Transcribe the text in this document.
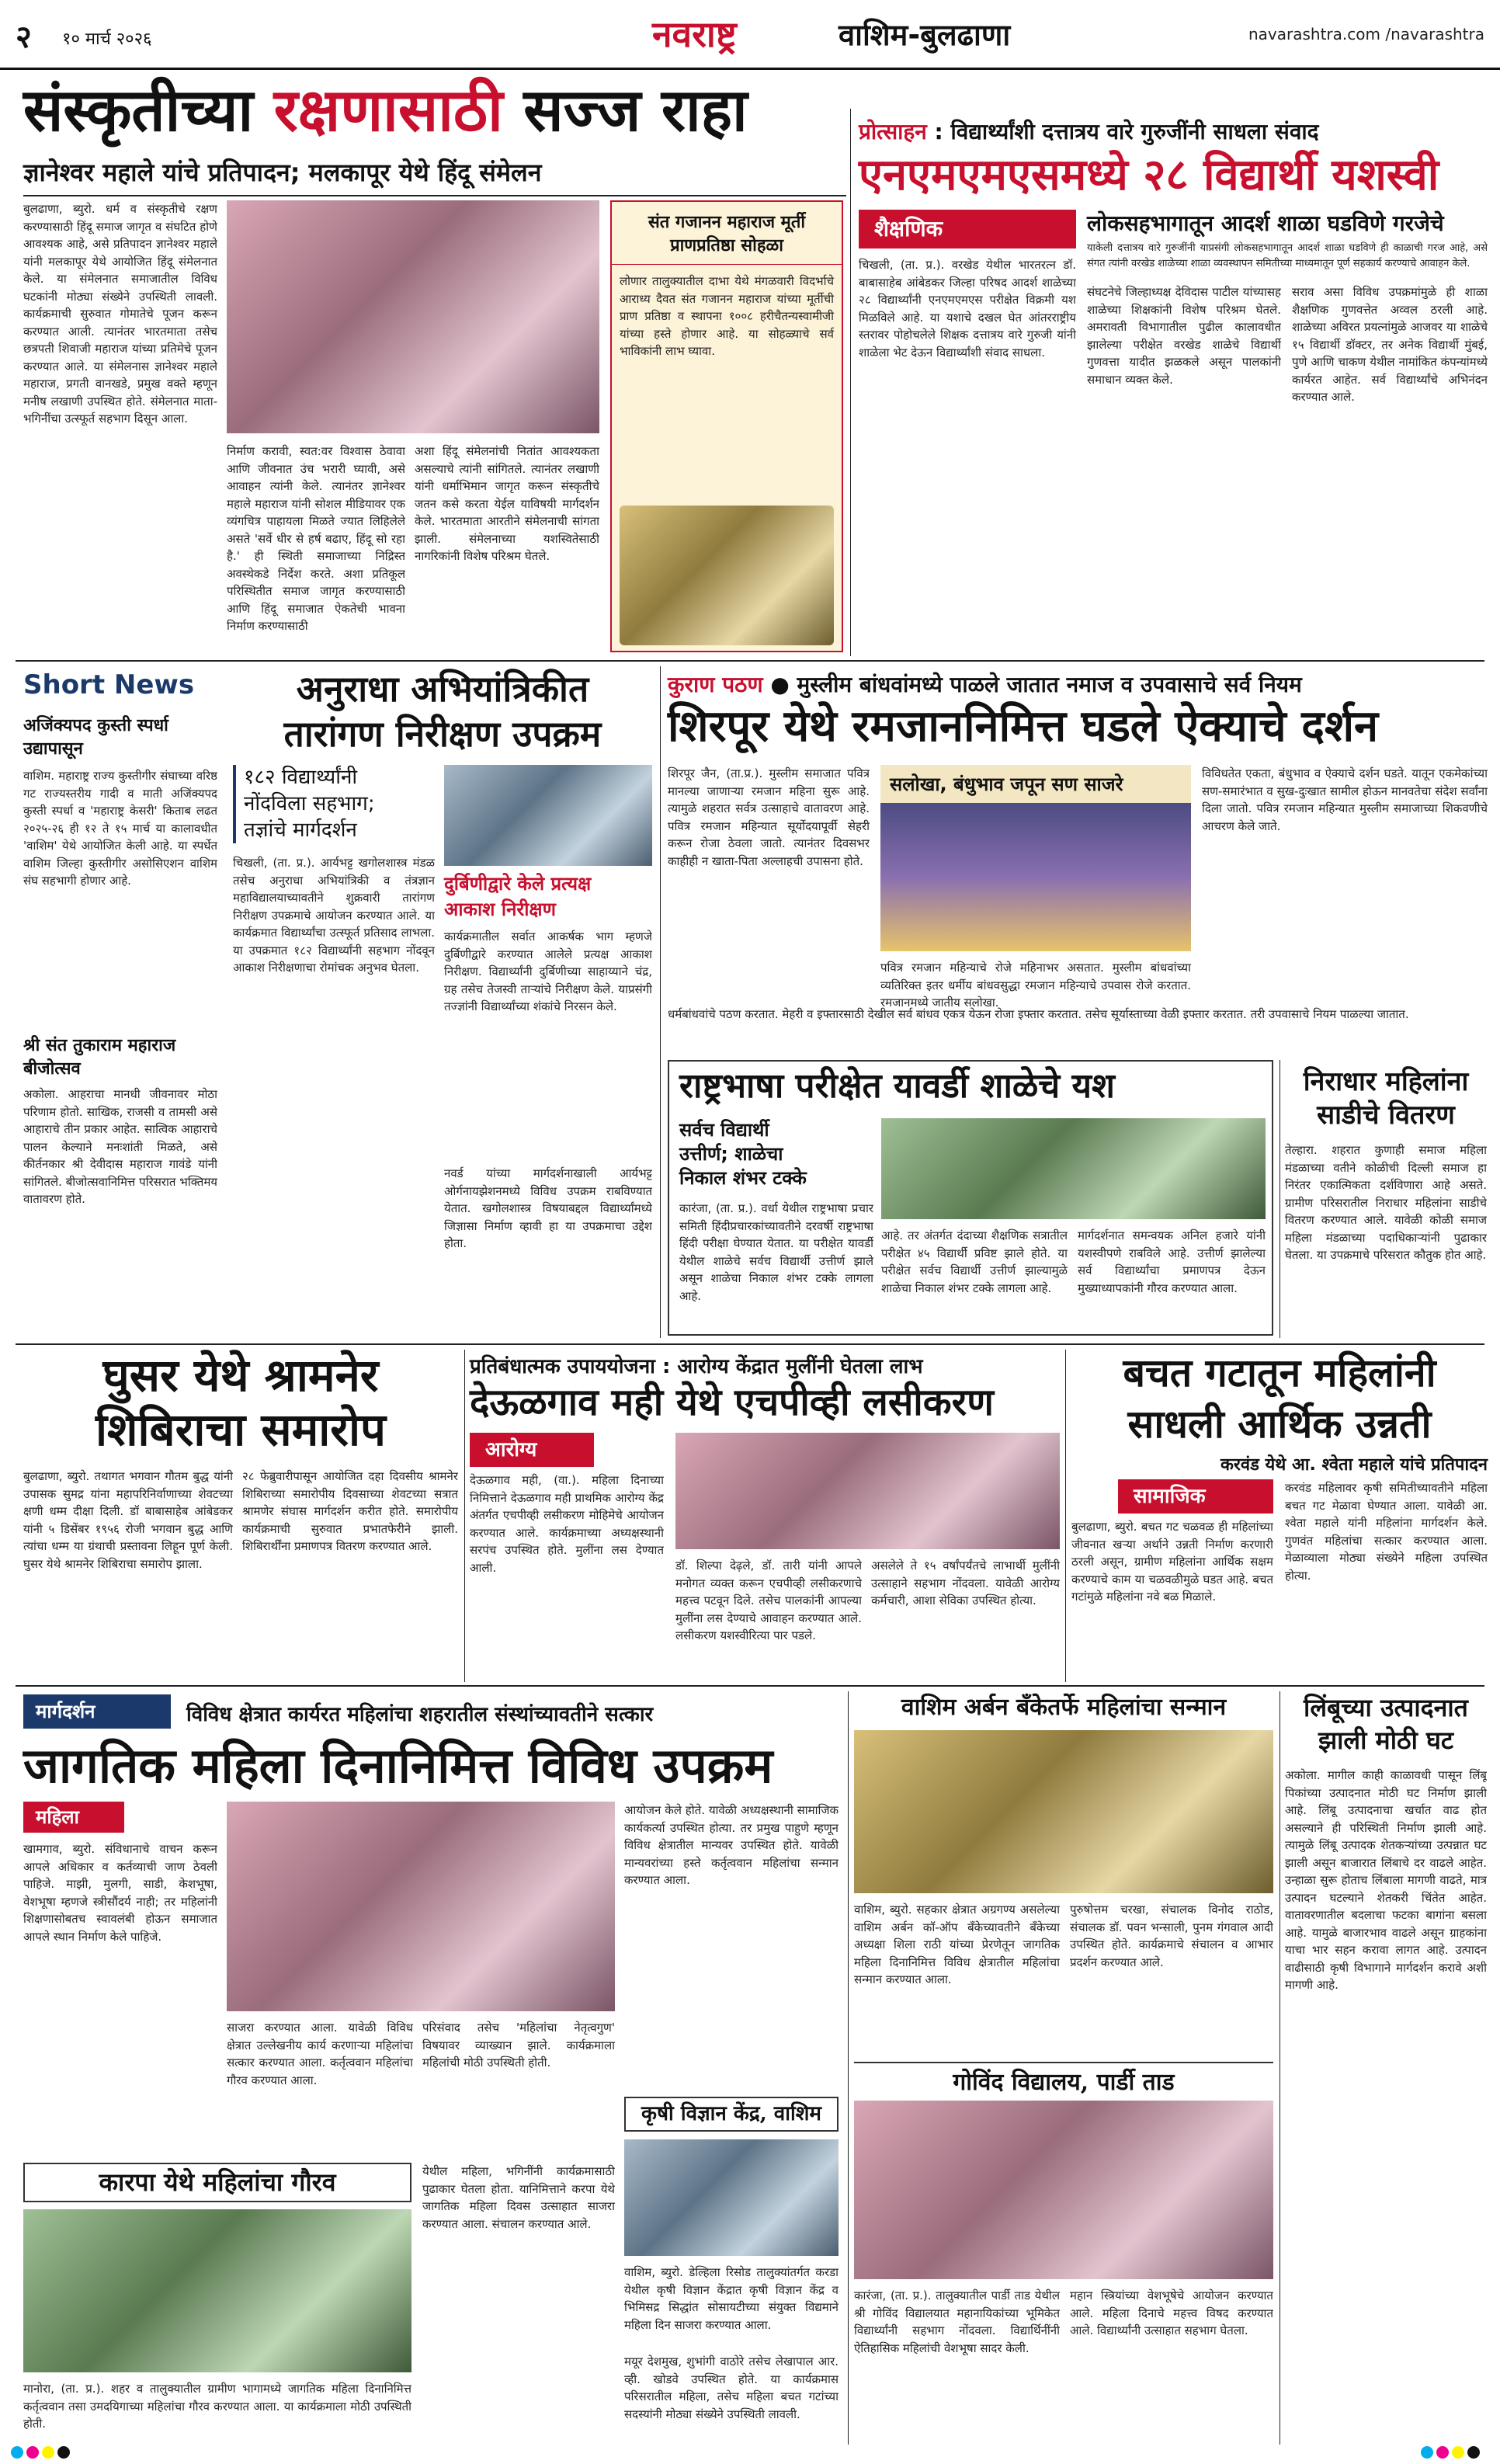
२ १० मार्च २०२६	नवराष्ट्र	वाशिम-बुलढाणा	navarashtra.com /navarashtra
संस्कृतीच्या रक्षणासाठी सज्ज राहा
ज्ञानेश्वर महाले यांचे प्रतिपादन; मलकापूर येथे हिंदू संमेलन
बुलढाणा, ब्युरो. धर्म व संस्कृतीचे रक्षण करण्यासाठी हिंदू समाज जागृत व संघटित होणे आवश्यक आहे, असे प्रतिपादन ज्ञानेश्वर महाले यांनी मलकापूर येथे आयोजित हिंदू संमेलनात केले. या संमेलनात समाजातील विविध घटकांनी मोठ्या संख्येने उपस्थिती लावली. कार्यक्रमाची सुरुवात गोमातेचे पूजन करून करण्यात आली. त्यानंतर भारतमाता तसेच छत्रपती शिवाजी महाराज यांच्या प्रतिमेचे पूजन करण्यात आले. या संमेलनास ज्ञानेश्वर महाले महाराज, प्रगती वानखडे, प्रमुख वक्ते म्हणून मनीष लखाणी उपस्थित होते. संमेलनात माता-भगिनींचा उत्स्फूर्त सहभाग दिसून आला.
निर्माण करावी, स्वत:वर विश्वास ठेवावा आणि जीवनात उंच भरारी घ्यावी, असे आवाहन त्यांनी केले. त्यानंतर ज्ञानेश्वर महाले महाराज यांनी सोशल मीडियावर एक व्यंगचित्र पाहायला मिळते ज्यात लिहिलेले असते 'सर्वे धीर से हर्ष बढाए, हिंदू सो रहा है.' ही स्थिती समाजाच्या निद्रिस्त अवस्थेकडे निर्देश करते. अशा प्रतिकूल परिस्थितीत समाज जागृत करण्यासाठी आणि हिंदू समाजात ऐकतेची भावना निर्माण करण्यासाठी
अशा हिंदू संमेलनांची नितांत आवश्यकता असल्याचे त्यांनी सांगितले. त्यानंतर लखाणी यांनी धर्माभिमान जागृत करून संस्कृतीचे जतन कसे करता येईल याविषयी मार्गदर्शन केले. भारतमाता आरतीने संमेलनाची सांगता झाली. संमेलनाच्या यशस्वितेसाठी नागरिकांनी विशेष परिश्रम घेतले.
संत गजानन महाराज मूर्ती प्राणप्रतिष्ठा सोहळा
लोणार तालुक्यातील दाभा येथे मंगळवारी विदर्भाचे आराध्य दैवत संत गजानन महाराज यांच्या मूर्तीची प्राण प्रतिष्ठा व स्थापना १००८ हरीचैतन्यस्वामीजी यांच्या हस्ते होणार आहे. या सोहळ्याचे सर्व भाविकांनी लाभ घ्यावा.
प्रोत्साहन : विद्यार्थ्यांशी दत्तात्रय वारे गुरुजींनी साधला संवाद
एनएमएमएसमध्ये २८ विद्यार्थी यशस्वी
शैक्षणिक	लोकसहभागातून आदर्श शाळा घडविणे गरजेचे
याकेली दत्तात्रय वारे गुरुजींनी याप्रसंगी लोकसहभागातून आदर्श शाळा घडविणे ही काळाची गरज आहे, असे संगत त्यांनी वरखेड शाळेच्या शाळा व्यवस्थापन समितीच्या माध्यमातून पूर्ण सहकार्य करण्याचे आवाहन केले.
चिखली, (ता. प्र.). वरखेड येथील भारतरत्न डॉ. बाबासाहेब आंबेडकर जिल्हा परिषद आदर्श शाळेच्या २८ विद्यार्थ्यांनी एनएमएमएस परीक्षेत विक्रमी यश मिळविले आहे. या यशाचे दखल घेत आंतरराष्ट्रीय स्तरावर पोहोचलेले शिक्षक दत्तात्रय वारे गुरुजी यांनी शाळेला भेट देऊन विद्यार्थ्यांशी संवाद साधला.
संघटनेचे जिल्हाध्यक्ष देविदास पाटील यांच्यासह शाळेच्या शिक्षकांनी विशेष परिश्रम घेतले. अमरावती विभागातील पुढील कालावधीत झालेल्या परीक्षेत वरखेड शाळेचे विद्यार्थी गुणवत्ता यादीत झळकले असून पालकांनी समाधान व्यक्त केले.
सराव असा विविध उपक्रमांमुळे ही शाळा शैक्षणिक गुणवत्तेत अव्वल ठरली आहे. शाळेच्या अविरत प्रयत्नांमुळे आजवर या शाळेचे १५ विद्यार्थी डॉक्टर, तर अनेक विद्यार्थी मुंबई, पुणे आणि चाकण येथील नामांकित कंपन्यांमध्ये कार्यरत आहेत. सर्व विद्यार्थ्यांचे अभिनंदन करण्यात आले.
Short News
अजिंक्यपद कुस्ती स्पर्धा उद्यापासून
वाशिम. महाराष्ट्र राज्य कुस्तीगीर संघाच्या वरिष्ठ गट राज्यस्तरीय गादी व माती अजिंक्यपद कुस्ती स्पर्धा व 'महाराष्ट्र केसरी' किताब लढत २०२५-२६ ही १२ ते १५ मार्च या कालावधीत 'वाशिम' येथे आयोजित केली आहे. या स्पर्धेत वाशिम जिल्हा कुस्तीगीर असोसिएशन वाशिम संघ सहभागी होणार आहे.
श्री संत तुकाराम महाराज बीजोत्सव
अकोला. आहराचा मानधी जीवनावर मोठा परिणाम होतो. साखिक, राजसी व तामसी असे आहाराचे तीन प्रकार आहेत. सात्विक आहाराचे पालन केल्याने मनःशांती मिळते, असे कीर्तनकार श्री देवीदास महाराज गावंडे यांनी सांगितले. बीजोत्सवानिमित्त परिसरात भक्तिमय वातावरण होते.
अनुराधा अभियांत्रिकीत
तारांगण निरीक्षण उपक्रम
१८२ विद्यार्थ्यांनी
नोंदविला सहभाग;
तज्ञांचे मार्गदर्शन
चिखली, (ता. प्र.). आर्यभट्ट खगोलशास्त्र मंडळ तसेच अनुराधा अभियांत्रिकी व तंत्रज्ञान महाविद्यालयाच्यावतीने शुक्रवारी तारांगण निरीक्षण उपक्रमाचे आयोजन करण्यात आले. या कार्यक्रमात विद्यार्थ्यांचा उत्स्फूर्त प्रतिसाद लाभला. या उपक्रमात १८२ विद्यार्थ्यांनी सहभाग नोंदवून आकाश निरीक्षणाचा रोमांचक अनुभव घेतला.
दुर्बिणीद्वारे केले प्रत्यक्ष
आकाश निरीक्षण
कार्यक्रमातील सर्वात आकर्षक भाग म्हणजे दुर्बिणीद्वारे करण्यात आलेले प्रत्यक्ष आकाश निरीक्षण. विद्यार्थ्यांनी दुर्बिणीच्या साहाय्याने चंद्र, ग्रह तसेच तेजस्वी ताऱ्यांचे निरीक्षण केले. याप्रसंगी तज्ज्ञांनी विद्यार्थ्यांच्या शंकांचे निरसन केले.
नवर्ड यांच्या मार्गदर्शनाखाली आर्यभट्ट ओर्गनायझेशनमध्ये विविध उपक्रम राबविण्यात येतात. खगोलशास्त्र विषयाबद्दल विद्यार्थ्यांमध्ये जिज्ञासा निर्माण व्हावी हा या उपक्रमाचा उद्देश होता.
कुराण पठण ● मुस्लीम बांधवांमध्ये पाळले जातात नमाज व उपवासाचे सर्व नियम
शिरपूर येथे रमजाननिमित्त घडले ऐक्याचे दर्शन
शिरपूर जैन, (ता.प्र.). मुस्लीम समाजात पवित्र मानल्या जाणाऱ्या रमजान महिना सुरू आहे. त्यामुळे शहरात सर्वत्र उत्साहाचे वातावरण आहे. पवित्र रमजान महिन्यात सूर्योदयापूर्वी सेहरी करून रोजा ठेवला जातो. त्यानंतर दिवसभर काहीही न खाता-पिता अल्लाहची उपासना होते.
सलोखा, बंधुभाव जपून सण साजरे	विविधतेत एकता, बंधुभाव व ऐक्याचे दर्शन घडते. यातून एकमेकांच्या सण-समारंभात व सुख-दुःखात सामील होऊन मानवतेचा संदेश सर्वांना दिला जातो. पवित्र रमजान महिन्यात मुस्लीम समाजाच्या शिकवणीचे आचरण केले जाते.
पवित्र रमजान महिन्याचे रोजे महिनाभर असतात. मुस्लीम बांधवांच्या व्यतिरिक्त इतर धर्मीय बांधवसुद्धा रमजान महिन्याचे उपवास रोजे करतात. रमजानमध्ये जातीय सलोखा.
धर्मबांधवांचे पठण करतात. मेहरी व इफ्तारसाठी देखील सर्व बांधव एकत्र येऊन रोजा इफ्तार करतात. तसेच सूर्यास्ताच्या वेळी इफ्तार करतात. तरी उपवासाचे नियम पाळल्या जातात.
राष्ट्रभाषा परीक्षेत यावर्डी शाळेचे यश
सर्वच विद्यार्थी
उत्तीर्ण; शाळेचा
निकाल शंभर टक्के
कारंजा, (ता. प्र.). वर्धा येथील राष्ट्रभाषा प्रचार समिती हिंदीप्रचारकांच्यावतीने दरवर्षी राष्ट्रभाषा हिंदी परीक्षा घेण्यात येतात. या परीक्षेत यावर्डी येथील शाळेचे सर्वच विद्यार्थी उत्तीर्ण झाले असून शाळेचा निकाल शंभर टक्के लागला आहे.
आहे. तर अंतर्गत दंदाच्या शैक्षणिक सत्रातील परीक्षेत ४५ विद्यार्थी प्रविष्ट झाले होते. या परीक्षेत सर्वच विद्यार्थी उत्तीर्ण झाल्यामुळे शाळेचा निकाल शंभर टक्के लागला आहे.
मार्गदर्शनात समन्वयक अनिल हजारे यांनी यशस्वीपणे राबविले आहे. उत्तीर्ण झालेल्या सर्व विद्यार्थ्यांचा प्रमाणपत्र देऊन मुख्याध्यापकांनी गौरव करण्यात आला.
निराधार महिलांना
साडीचे वितरण
तेल्हारा. शहरात कुणाही समाज महिला मंडळाच्या वतीने कोळीची दिल्ली समाज हा निरंतर एकात्मिकता दर्शविणारा आहे असते. ग्रामीण परिसरातील निराधार महिलांना साडीचे वितरण करण्यात आले. यावेळी कोळी समाज महिला मंडळाच्या पदाधिकाऱ्यांनी पुढाकार घेतला. या उपक्रमाचे परिसरात कौतुक होत आहे.
घुसर येथे श्रामनेर
शिबिराचा समारोप
बुलढाणा, ब्युरो. तथागत भगवान गौतम बुद्ध यांनी उपासक सुमद्र यांना महापरिनिर्वाणाच्या शेवटच्या क्षणी धम्म दीक्षा दिली. डॉ बाबासाहेब आंबेडकर यांनी ५ डिसेंबर १९५६ रोजी भगवान बुद्ध आणि त्यांचा धम्म या ग्रंथाची प्रस्तावना लिहून पूर्ण केली. घुसर येथे श्रामनेर शिबिराचा समारोप झाला.
२८ फेब्रुवारीपासून आयोजित दहा दिवसीय श्रामनेर शिबिराच्या समारोपीय दिवसाच्या शेवटच्या सत्रात श्रामणेर संघास मार्गदर्शन करीत होते. समारोपीय कार्यक्रमाची सुरुवात प्रभातफेरीने झाली. शिबिरार्थींना प्रमाणपत्र वितरण करण्यात आले.
प्रतिबंधात्मक उपाययोजना : आरोग्य केंद्रात मुलींनी घेतला लाभ
देऊळगाव मही येथे एचपीव्ही लसीकरण
आरोग्य
देऊळगाव मही, (वा.). महिला दिनाच्या निमित्ताने देऊळगाव मही प्राथमिक आरोग्य केंद्र अंतर्गत एचपीव्ही लसीकरण मोहिमेचे आयोजन करण्यात आले. कार्यक्रमाच्या अध्यक्षस्थानी सरपंच उपस्थित होते. मुलींना लस देण्यात आली.	डॉ. शिल्पा देढ़ले, डॉ. तारी यांनी आपले मनोगत व्यक्त करून एचपीव्ही लसीकरणाचे महत्त्व पटवून दिले. तसेच पालकांनी आपल्या मुलींना लस देण्याचे आवाहन करण्यात आले. लसीकरण यशस्वीरित्या पार पडले.
असलेले ते १५ वर्षांपर्यंतचे लाभार्थी मुलींनी उत्साहाने सहभाग नोंदवला. यावेळी आरोग्य कर्मचारी, आशा सेविका उपस्थित होत्या.
बचत गटातून महिलांनी
साधली आर्थिक उन्नती
करवंड येथे आ. श्वेता महाले यांचे प्रतिपादन
सामाजिक
बुलढाणा, ब्युरो. बचत गट चळवळ ही महिलांच्या जीवनात खऱ्या अर्थाने उन्नती निर्माण करणारी ठरली असून, ग्रामीण महिलांना आर्थिक सक्षम करण्याचे काम या चळवळीमुळे घडत आहे. बचत गटांमुळे महिलांना नवे बळ मिळाले.
करवंड महिलावर कृषी समितीच्यावतीने महिला बचत गट मेळावा घेण्यात आला. यावेळी आ. श्वेता महाले यांनी महिलांना मार्गदर्शन केले. गुणवंत महिलांचा सत्कार करण्यात आला. मेळाव्याला मोठ्या संख्येने महिला उपस्थित होत्या.
मार्गदर्शन	विविध क्षेत्रात कार्यरत महिलांचा शहरातील संस्थांच्यावतीने सत्कार
जागतिक महिला दिनानिमित्त विविध उपक्रम
महिला
खामगाव, ब्युरो. संविधानाचे वाचन करून आपले अधिकार व कर्तव्याची जाण ठेवली पाहिजे. माझी, मुलगी, साडी, केशभूषा, वेशभूषा म्हणजे स्त्रीसौंदर्य नाही; तर महिलांनी शिक्षणासोबतच स्वावलंबी होऊन समाजात आपले स्थान निर्माण केले पाहिजे.
आयोजन केले होते. यावेळी अध्यक्षस्थानी सामाजिक कार्यकर्त्या उपस्थित होत्या. तर प्रमुख पाहुणे म्हणून विविध क्षेत्रातील मान्यवर उपस्थित होते. यावेळी मान्यवरांच्या हस्ते कर्तृत्ववान महिलांचा सन्मान करण्यात आला.
साजरा करण्यात आला. यावेळी विविध क्षेत्रात उल्लेखनीय कार्य करणाऱ्या महिलांचा सत्कार करण्यात आला. कर्तृत्ववान महिलांचा गौरव करण्यात आला.
परिसंवाद तसेच 'महिलांचा नेतृत्वगुण' विषयावर व्याख्यान झाले. कार्यक्रमाला महिलांची मोठी उपस्थिती होती.
कारपा येथे महिलांचा गौरव
मानोरा, (ता. प्र.). शहर व तालुक्यातील ग्रामीण भागामध्ये जागतिक महिला दिनानिमित्त कर्तृत्ववान तसा उमदयिगाच्या महिलांचा गौरव करण्यात आला. या कार्यक्रमाला मोठी उपस्थिती होती.
येथील महिला, भगिनींनी कार्यक्रमासाठी पुढाकार घेतला होता. यानिमित्ताने करपा येथे जागतिक महिला दिवस उत्साहात साजरा करण्यात आला. संचालन करण्यात आले.
कृषी विज्ञान केंद्र, वाशिम
वाशिम, ब्युरो. डेल्हिला रिसोड तालुक्यांतर्गत करडा येथील कृषी विज्ञान केंद्रात कृषी विज्ञान केंद्र व भिमिसद्र सिद्धांत सोसायटीच्या संयुक्त विद्यमाने महिला दिन साजरा करण्यात आला.
मयूर देशमुख, शुभांगी वाठोरे तसेच लेखापाल आर. व्ही. खोडवे उपस्थित होते. या कार्यक्रमास परिसरातील महिला, तसेच महिला बचत गटांच्या सदस्यांनी मोठ्या संख्येने उपस्थिती लावली.
वाशिम अर्बन बँकेतर्फे महिलांचा सन्मान
वाशिम, ब्युरो. सहकार क्षेत्रात अग्रगण्य असलेल्या वाशिम अर्बन कॉ-ऑप बँकेच्यावतीने बँकेच्या अध्यक्षा शिला राठी यांच्या प्रेरणेतून जागतिक महिला दिनानिमित्त विविध क्षेत्रातील महिलांचा सन्मान करण्यात आला.
पुरुषोत्तम चरखा, संचालक विनोद राठोड, संचालक डॉ. पवन भन्साली, पुनम गंगवाल आदी उपस्थित होते. कार्यक्रमाचे संचालन व आभार प्रदर्शन करण्यात आले.
गोविंद विद्यालय, पार्डी ताड
कारंजा, (ता. प्र.). तालुक्यातील पार्डी ताड येथील श्री गोविंद विद्यालयात महानायिकांच्या भूमिकेत विद्यार्थ्यांनी सहभाग नोंदवला. विद्यार्थिनींनी ऐतिहासिक महिलांची वेशभूषा सादर केली.
महान स्त्रियांच्या वेशभूषेचे आयोजन करण्यात आले. महिला दिनाचे महत्त्व विषद करण्यात आले. विद्यार्थ्यांनी उत्साहात सहभाग घेतला.
लिंबूच्या उत्पादनात
झाली मोठी घट
अकोला. मागील काही काळावधी पासून लिंबू पिकांच्या उत्पादनात मोठी घट निर्माण झाली आहे. लिंबू उत्पादनाचा खर्चात वाढ होत असल्याने ही परिस्थिती निर्माण झाली आहे. त्यामुळे लिंबू उत्पादक शेतकऱ्यांच्या उत्पन्नात घट झाली असून बाजारात लिंबाचे दर वाढले आहेत. उन्हाळा सुरू होताच लिंबाला मागणी वाढते, मात्र उत्पादन घटल्याने शेतकरी चिंतेत आहेत. वातावरणातील बदलाचा फटका बागांना बसला आहे. यामुळे बाजारभाव वाढले असून ग्राहकांना याचा भार सहन करावा लागत आहे. उत्पादन वाढीसाठी कृषी विभागाने मार्गदर्शन करावे अशी मागणी आहे.
